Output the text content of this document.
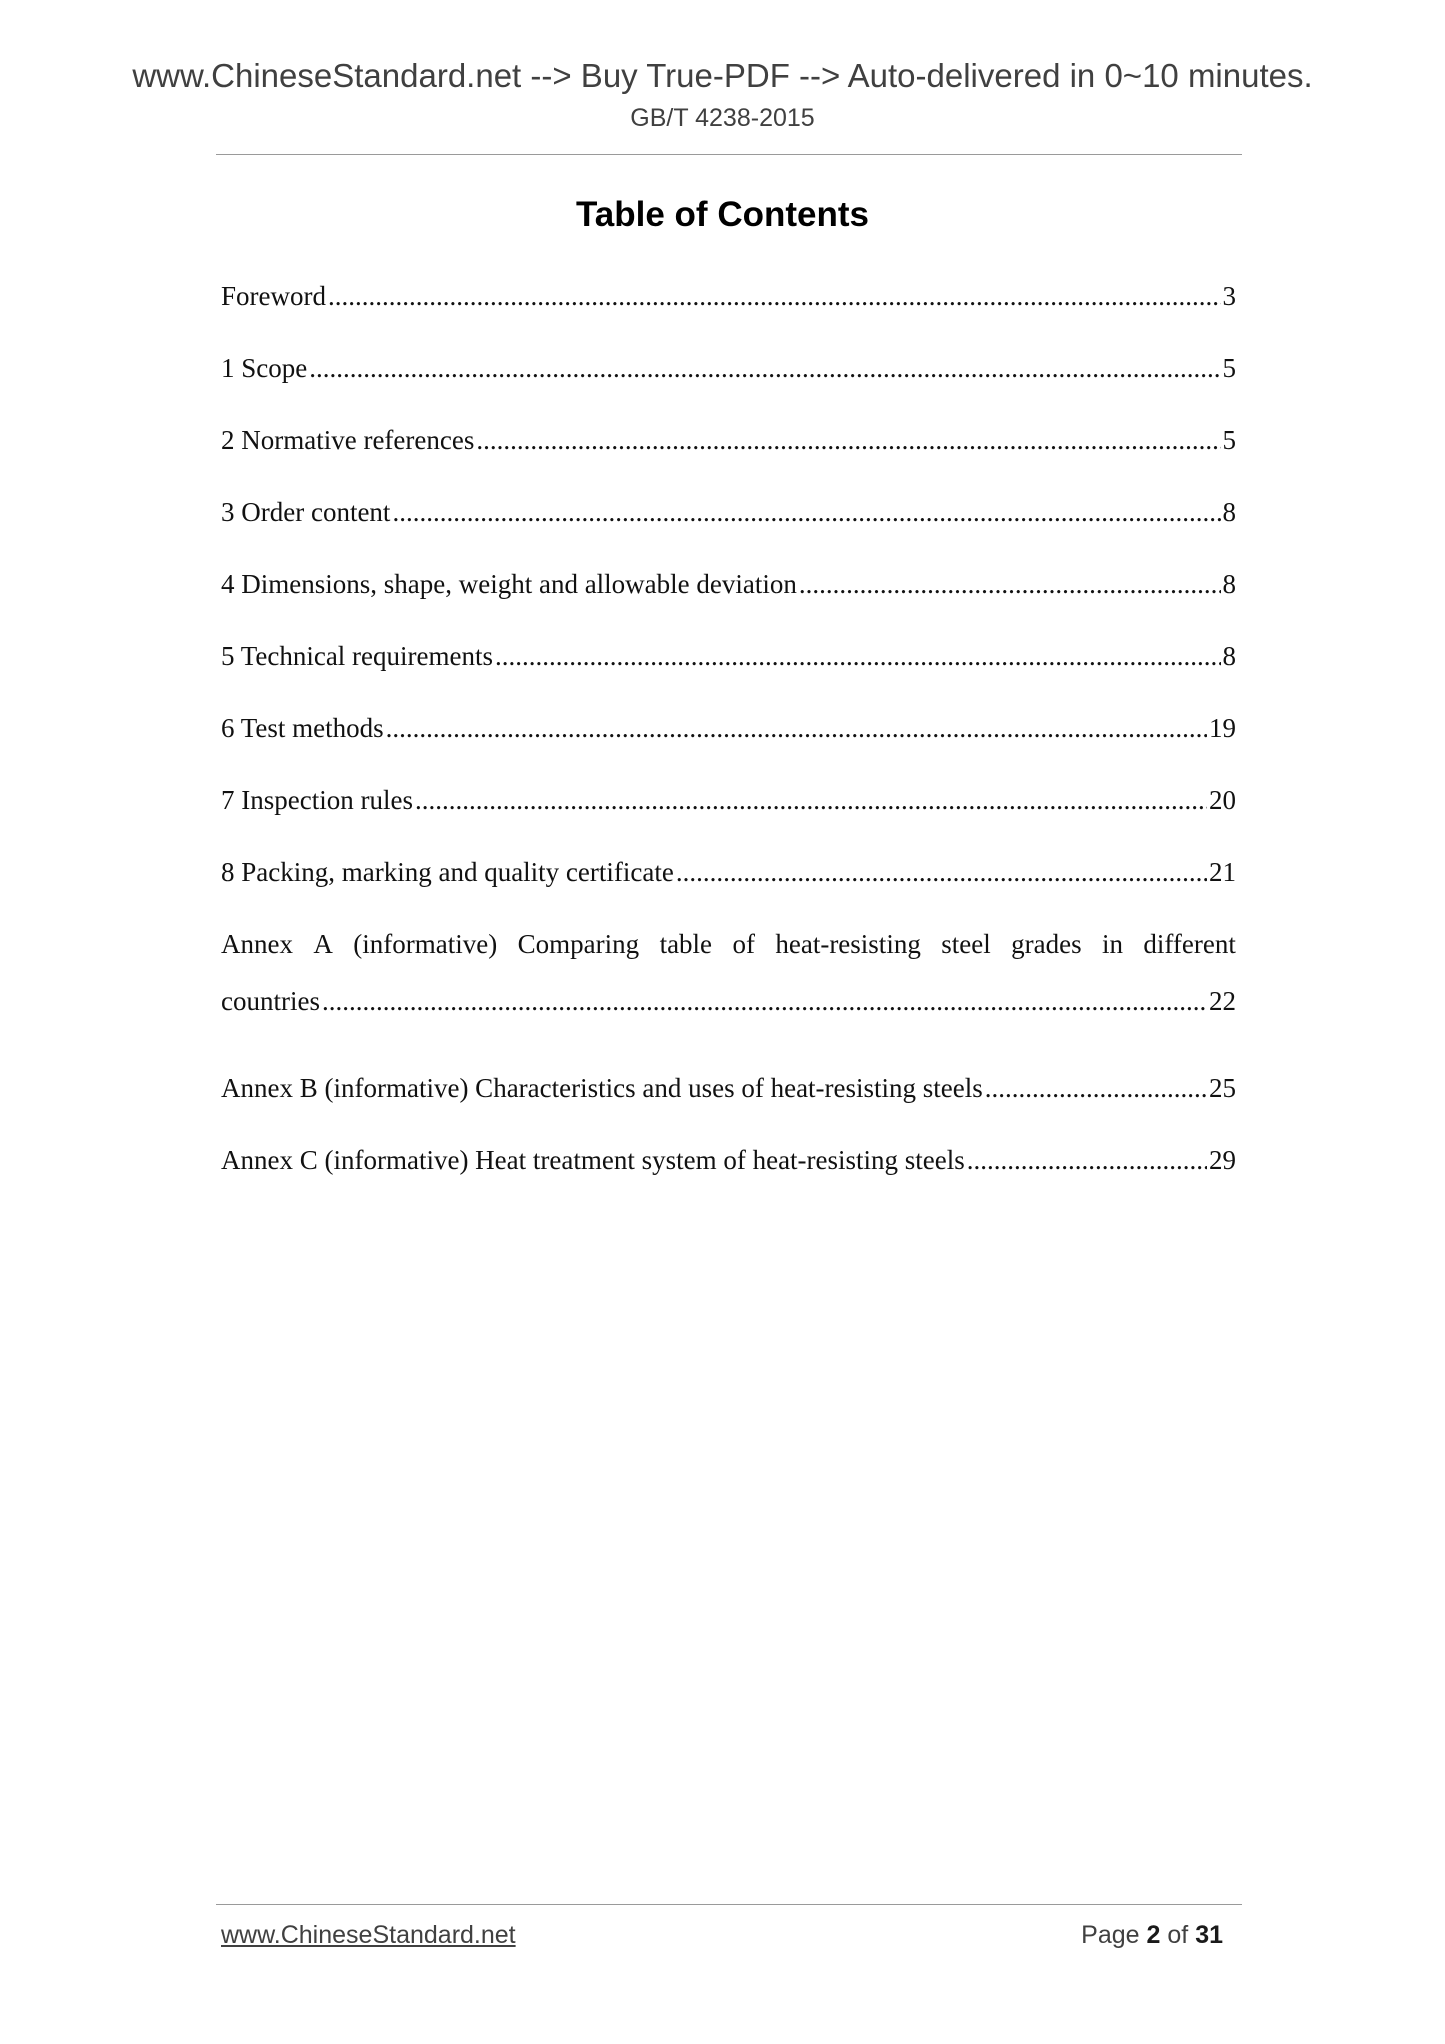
www.ChineseStandard.net --> Buy True-PDF --> Auto-delivered in 0~10 minutes.
GB/T 4238-2015
Table of Contents
Foreword .....	3
1 Scope .....	5
2 Normative references .....	5
3 Order content .....	8
4 Dimensions, shape, weight and allowable deviation .....	8
5 Technical requirements .....	8
6 Test methods .....	19
7 Inspection rules .....	20
8 Packing, marking and quality certificate .....	21
Annex A (informative) Comparing table of heat-resisting steel grades in different
countries .....	22
Annex B (informative) Characteristics and uses of heat-resisting steels .....	25
Annex C (informative) Heat treatment system of heat-resisting steels .....	29
www.ChineseStandard.net	Page 2 of 31
